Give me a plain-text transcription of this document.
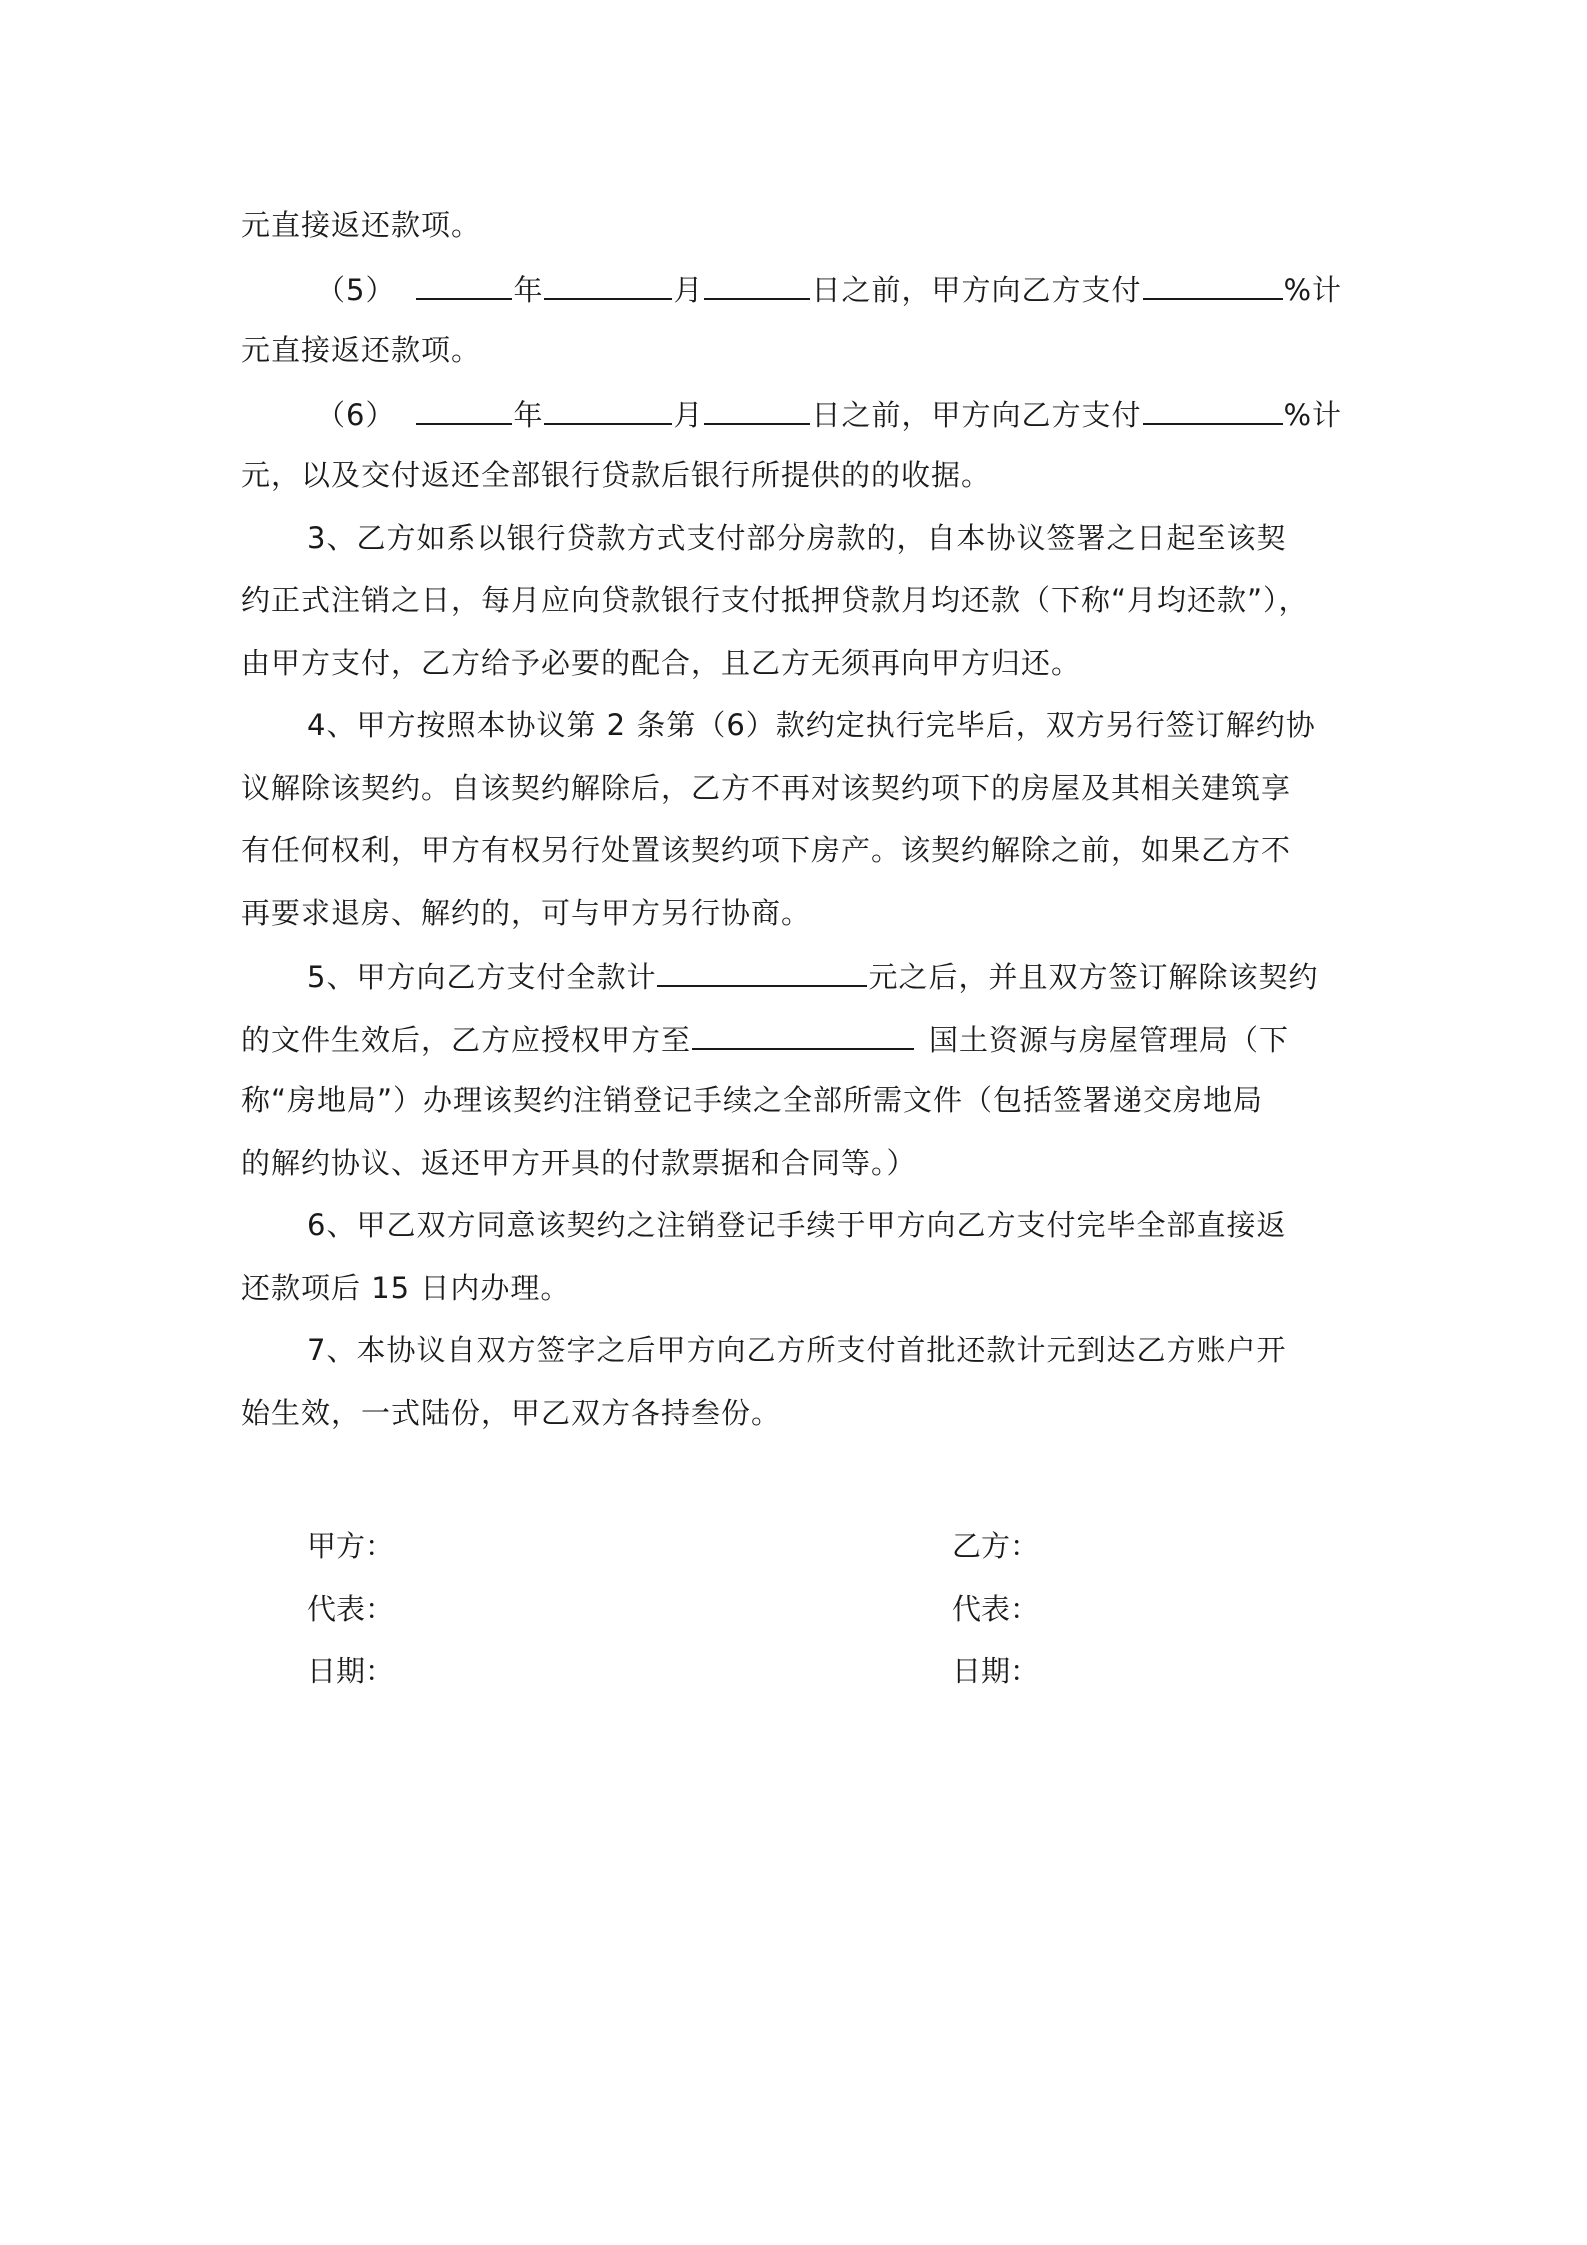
元直接返还款项。
（5）	年	月	日之前，甲方向乙方支付	%计
元直接返还款项。
（6）	年	月	日之前，甲方向乙方支付	%计
元，以及交付返还全部银行贷款后银行所提供的的收据。
3、乙方如系以银行贷款方式支付部分房款的，自本协议签署之日起至该契
约正式注销之日，每月应向贷款银行支付抵押贷款月均还款（下称“月均还款”），
由甲方支付，乙方给予必要的配合，且乙方无须再向甲方归还。
4、甲方按照本协议第 2 条第（6）款约定执行完毕后，双方另行签订解约协
议解除该契约。自该契约解除后，乙方不再对该契约项下的房屋及其相关建筑享
有任何权利，甲方有权另行处置该契约项下房产。该契约解除之前，如果乙方不
再要求退房、解约的，可与甲方另行协商。
5、甲方向乙方支付全款计	元之后，并且双方签订解除该契约
的文件生效后，乙方应授权甲方至	国土资源与房屋管理局（下
称“房地局”）办理该契约注销登记手续之全部所需文件（包括签署递交房地局
的解约协议、返还甲方开具的付款票据和合同等。）
6、甲乙双方同意该契约之注销登记手续于甲方向乙方支付完毕全部直接返
还款项后 15 日内办理。
7、本协议自双方签字之后甲方向乙方所支付首批还款计元到达乙方账户开
始生效，一式陆份，甲乙双方各持叁份。
甲方：	乙方：
代表：	代表：
日期：	日期：
